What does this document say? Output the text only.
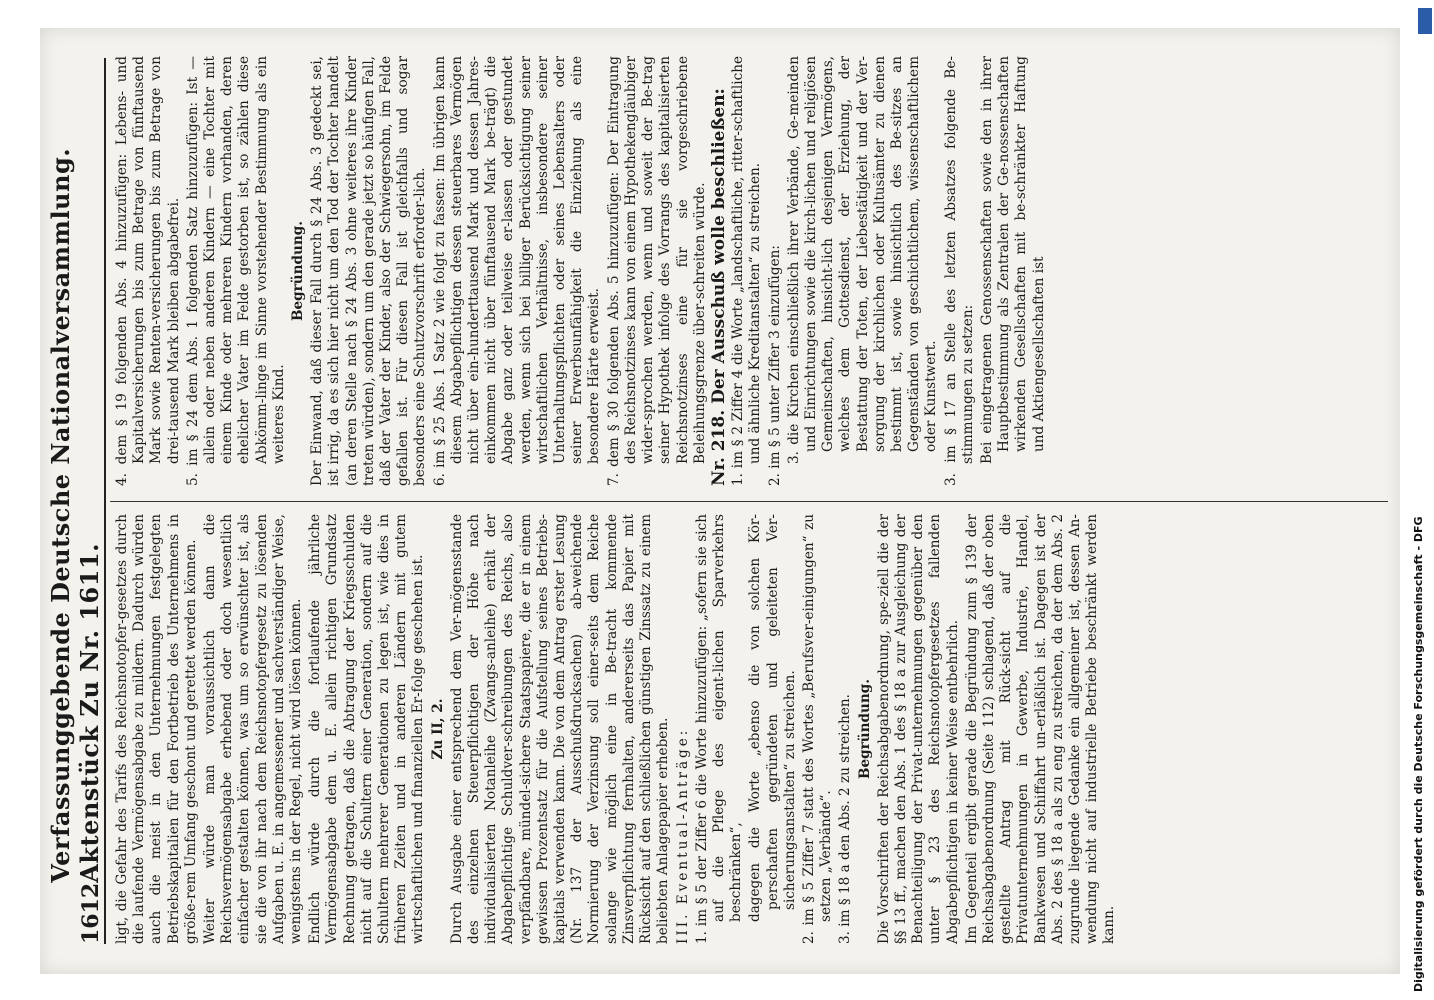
1612
Verfassunggebende Deutsche Nationalversammlung. Aktenstück Zu Nr. 1611. ligt, die Gefahr des Tarifs des Reichsnotopfer-gesetzes durch die laufende Vermögensabgabe zu mildern. Dadurch würden auch die meist in den Unternehmungen festgelegten Betriebskapitalien für den Fortbetrieb des Unternehmens in größe-rem Umfang geschont und gerettet werden können. Weiter würde man voraussichtlich dann die Reichsvermögensabgabe erhebend oder doch wesentlich einfacher gestalten können, was um so erwünschter ist, als sie die von ihr nach dem Reichsnotopfergesetz zu lösenden Aufgaben u. E. in angemessener und sachverständiger Weise, wenigstens in der Regel, nicht wird lösen können. Endlich würde durch die fortlaufende jährliche Vermögensabgabe dem u. E. allein richtigen Grundsatz Rechnung getragen, daß die Abtragung der Kriegsschulden nicht auf die Schultern einer Generation, sondern auf die Schultern mehrerer Generationen zu legen ist, wie dies in früheren Zeiten und in anderen Ländern mit gutem wirtschaftlichen und finanziellen Er-folge geschehen ist. Zu II, 2. Durch Ausgabe einer entsprechend dem Ver-mögensstande des einzelnen Steuerpflichtigen der Höhe nach individualisierten Notanleihe (Zwangs-anleihe) erhält der Abgabepflichtige Schuldver-schreibungen des Reichs, also verpfändbare, mündel-sichere Staatspapiere, die er in einem gewissen Prozentsatz für die Aufstellung seines Betriebs-kapitals verwenden kann. Die von dem Antrag erster Lesung (Nr. 137 der Ausschußdrucksachen) ab-weichende Normierung der Verzinsung soll einer-seits dem Reiche solange wie möglich eine in Be-tracht kommende Zinsverpflichtung fernhalten, andererseits das Papier mit Rücksicht auf den schließlichen günstigen Zinssatz zu einem beliebten Anlagepapier erheben. III. Eventual-Anträge: 1. im § 5 der Ziffer 6 die Worte hinzuzufügen: „sofern sie sich auf die Pflege des eigent-lichen Sparverkehrs beschränken“, dagegen die Worte „ebenso die von solchen Kör-perschaften gegründeten und geleiteten Ver-sicherungsanstalten“ zu streichen. 2. im § 5 Ziffer 7 statt des Wortes „Berufsver-einigungen“ zu setzen „Verbände“. 3. im § 18 a den Abs. 2 zu streichen. Begründung. Die Vorschriften der Reichsabgabenordnung, spe-ziell die der §§ 13 ff., machen den Abs. 1 des § 18 a zur Ausgleichung der Benachteiligung der Privat-unternehmungen gegenüber den unter § 23 des Reichsnotopfergesetzes fallenden Abgabepflichtigen in keiner Weise entbehrlich. Im Gegenteil ergibt gerade die Begründung zum § 139 der Reichsabgabenordnung (Seite 112) schlagend, daß der oben gestellte Antrag mit Rück-sicht auf die Privatunternehmungen in Gewerbe, Industrie, Handel, Bankwesen und Schiffahrt un-erläßlich ist. Dagegen ist der Abs. 2 des § 18 a als zu eng zu streichen, da der dem Abs. 2 zugrunde liegende Gedanke ein allgemeiner ist, dessen An-wendung nicht auf industrielle Betriebe beschränkt werden kann.

4. dem § 19 folgenden Abs. 4 hinzuzufügen: Lebens- und Kapitalversicherungen bis zum Betrage von fünftausend Mark sowie Renten-versicherungen bis zum Betrage von drei-tausend Mark bleiben abgabefrei. 5. im § 24 dem Abs. 1 folgenden Satz hinzuzufügen: Ist — allein oder neben anderen Kindern — eine Tochter mit einem Kinde oder mehreren Kindern vorhanden, deren ehelicher Vater im Felde gestorben ist, so zählen diese Abkömm-linge im Sinne vorstehender Bestimmung als ein weiteres Kind.

Begründung. Der Einwand, daß dieser Fall durch § 24 Abs. 3 gedeckt sei, ist irrig, da es sich hier nicht um den Tod der Tochter handelt (an deren Stelle nach § 24 Abs. 3 ohne weiteres ihre Kinder treten würden), sondern um den gerade jetzt so häufigen Fall, daß der Vater der Kinder, also der Schwiegersohn, im Felde gefallen ist. Für diesen Fall ist gleichfalls und sogar besonders eine Schutzvorschrift erforder-lich. 6. im § 25 Abs. 1 Satz 2 wie folgt zu fassen: Im übrigen kann diesem Abgabepflichtigen dessen steuerbares Vermögen nicht über ein-hunderttausend Mark und dessen Jahres-einkommen nicht über fünftausend Mark be-trägt) die Abgabe ganz oder teilweise er-lassen oder gestundet werden, wenn sich bei billiger Berücksichtigung seiner wirtschaftlichen Verhältnisse, insbesondere seiner Unterhaltungspflichten oder seines Lebensalters oder seiner Erwerbsunfähigkeit die Einziehung als eine besondere Härte erweist. 7. dem § 30 folgenden Abs. 5 hinzuzufügen: Der Eintragung des Reichsnotzinses kann von einem Hypothekengläubiger wider-sprochen werden, wenn und soweit der Be-trag seiner Hypothek infolge des Vorrangs des kapitalisierten Reichsnotzinses eine für sie vorgeschriebene Beleihungsgrenze über-schreiten würde. Nr. 218. Der Ausschuß wolle beschließen: 1. im § 2 Ziffer 4 die Worte „landschaftliche, ritter-schaftliche und ähnliche Kreditanstalten“ zu streichen. 2. im § 5 unter Ziffer 3 einzufügen: 3. die Kirchen einschließlich ihrer Verbände, Ge-meinden und Einrichtungen sowie die kirch-lichen und religiösen Gemeinschaften, hinsicht-lich desjenigen Vermögens, welches dem Gottesdienst, der Erziehung, der Bestattung der Toten, der Liebestätigkeit und der Ver-sorgung der kirchlichen oder Kultusämter zu dienen bestimmt ist, sowie hinsichtlich des Be-sitzes an Gegenständen von geschichtlichem, wissenschaftlichem oder Kunstwert. 3. im § 17 an Stelle des letzten Absatzes folgende Be-stimmungen zu setzen: Bei eingetragenen Genossenschaften sowie den in ihrer Hauptbestimmung als Zentralen der Ge-nossenschaften wirkenden Gesellschaften mit be-schränkter Haftung und Aktiengesellschaften ist

Digitalisierung gefördert durch die Deutsche Forschungsgemeinschaft - DFG
